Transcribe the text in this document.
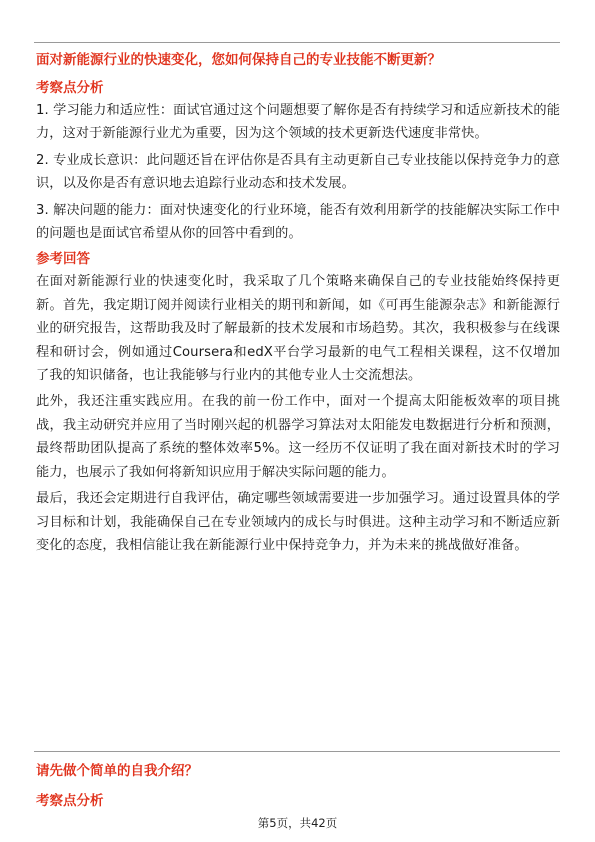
面对新能源行业的快速变化，您如何保持自己的专业技能不断更新？

考察点分析

1. 学习能力和适应性：面试官通过这个问题想要了解你是否有持续学习和适应新技术的能力，这对于新能源行业尤为重要，因为这个领域的技术更新迭代速度非常快。

2. 专业成长意识：此问题还旨在评估你是否具有主动更新自己专业技能以保持竞争力的意识，以及你是否有意识地去追踪行业动态和技术发展。

3. 解决问题的能力：面对快速变化的行业环境，能否有效利用新学的技能解决实际工作中的问题也是面试官希望从你的回答中看到的。

参考回答

在面对新能源行业的快速变化时，我采取了几个策略来确保自己的专业技能始终保持更新。首先，我定期订阅并阅读行业相关的期刊和新闻，如《可再生能源杂志》和新能源行业的研究报告，这帮助我及时了解最新的技术发展和市场趋势。其次，我积极参与在线课程和研讨会，例如通过Coursera和edX平台学习最新的电气工程相关课程，这不仅增加了我的知识储备，也让我能够与行业内的其他专业人士交流想法。

此外，我还注重实践应用。在我的前一份工作中，面对一个提高太阳能板效率的项目挑战，我主动研究并应用了当时刚兴起的机器学习算法对太阳能发电数据进行分析和预测，最终帮助团队提高了系统的整体效率5%。这一经历不仅证明了我在面对新技术时的学习能力，也展示了我如何将新知识应用于解决实际问题的能力。

最后，我还会定期进行自我评估，确定哪些领域需要进一步加强学习。通过设置具体的学习目标和计划，我能确保自己在专业领域内的成长与时俱进。这种主动学习和不断适应新变化的态度，我相信能让我在新能源行业中保持竞争力，并为未来的挑战做好准备。

请先做个简单的自我介绍？

考察点分析

第5页，共42页
